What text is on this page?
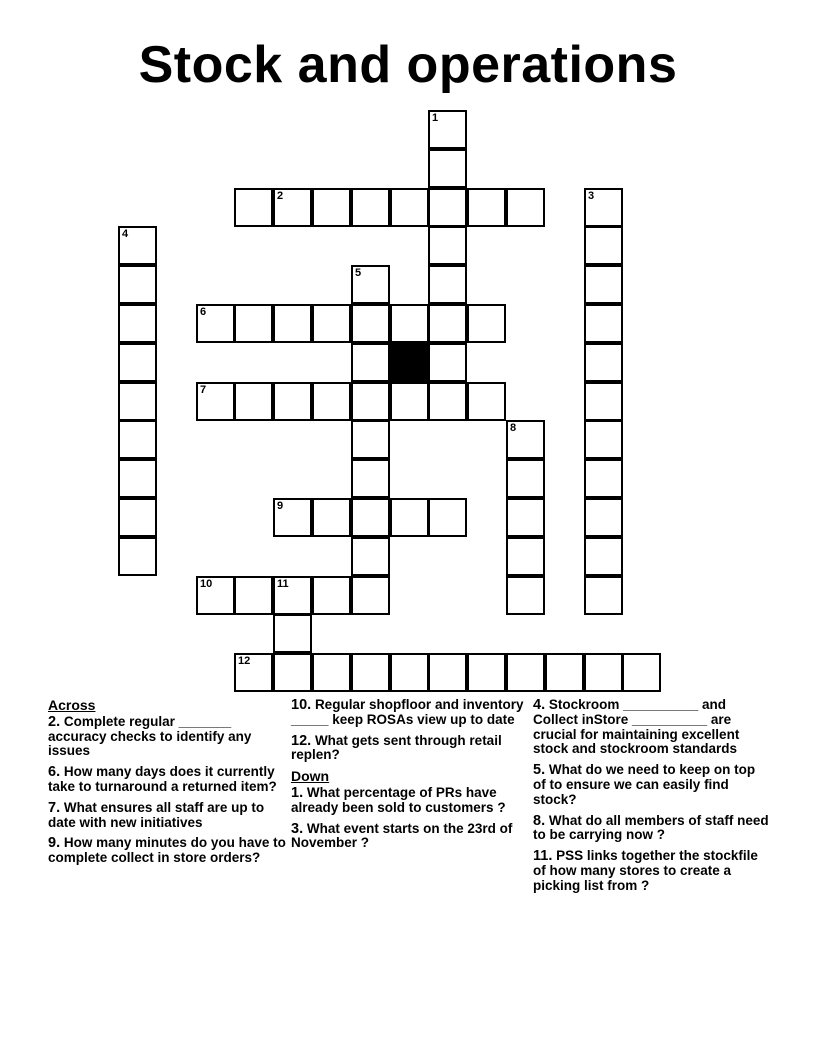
Stock and operations
1
2	3
4
5
6
7
8
9
10	11
12
Across
2. Complete regular _______ accuracy checks to identify any issues
6. How many days does it currently take to turnaround a returned item?
7. What ensures all staff are up to date with new initiatives
9. How many minutes do you have to complete collect in store orders?
10. Regular shopfloor and inventory _____ keep ROSAs view up to date
12. What gets sent through retail replen?
Down
1. What percentage of PRs have already been sold to customers ?
3. What event starts on the 23rd of November ?
4. Stockroom __________ and Collect inStore __________ are crucial for maintaining excellent stock and stockroom standards
5. What do we need to keep on top of to ensure we can easily find stock?
8. What do all members of staff need to be carrying now ?
11. PSS links together the stockfile of how many stores to create a picking list from ?
